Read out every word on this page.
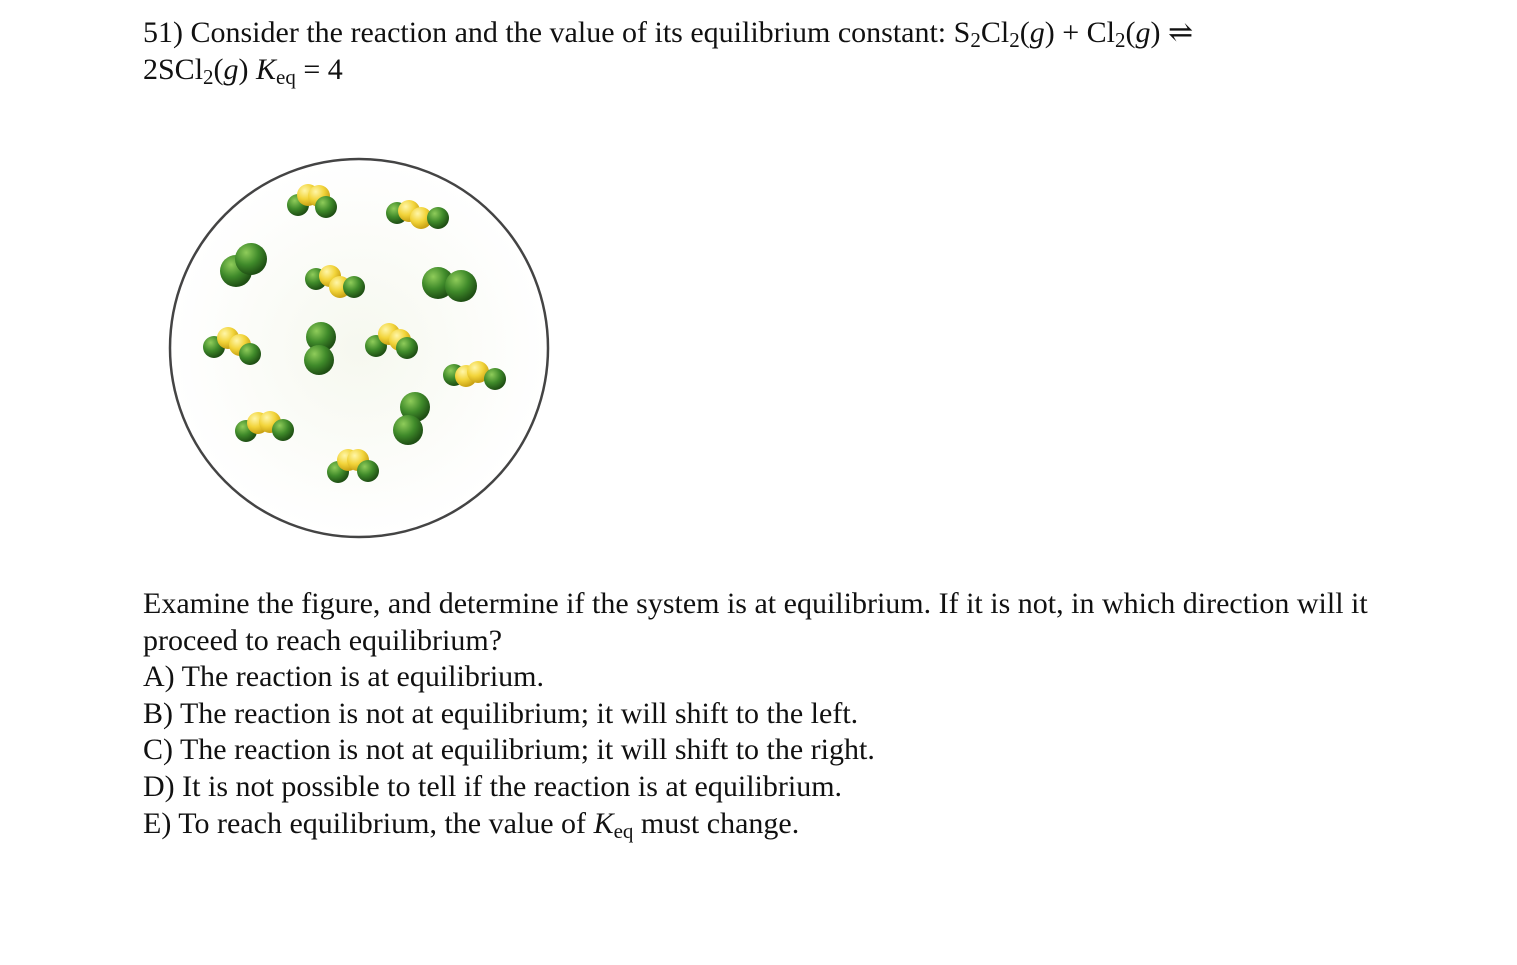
51) Consider the reaction and the value of its equilibrium constant: $S_2Cl_2(g) + Cl_2(g)$ ⇌
2SCl$_2$(g) $K_{eq} = 4$

Examine the figure, and determine if the system is at equilibrium. If it is not, in which direction will it proceed to reach equilibrium?

A) The reaction is at equilibrium.

B) The reaction is not at equilibrium; it will shift to the left.

C) The reaction is not at equilibrium; it will shift to the right.

D) It is not possible to tell if the reaction is at equilibrium.

E) To reach equilibrium, the value of $K_{eq}$ must change.
